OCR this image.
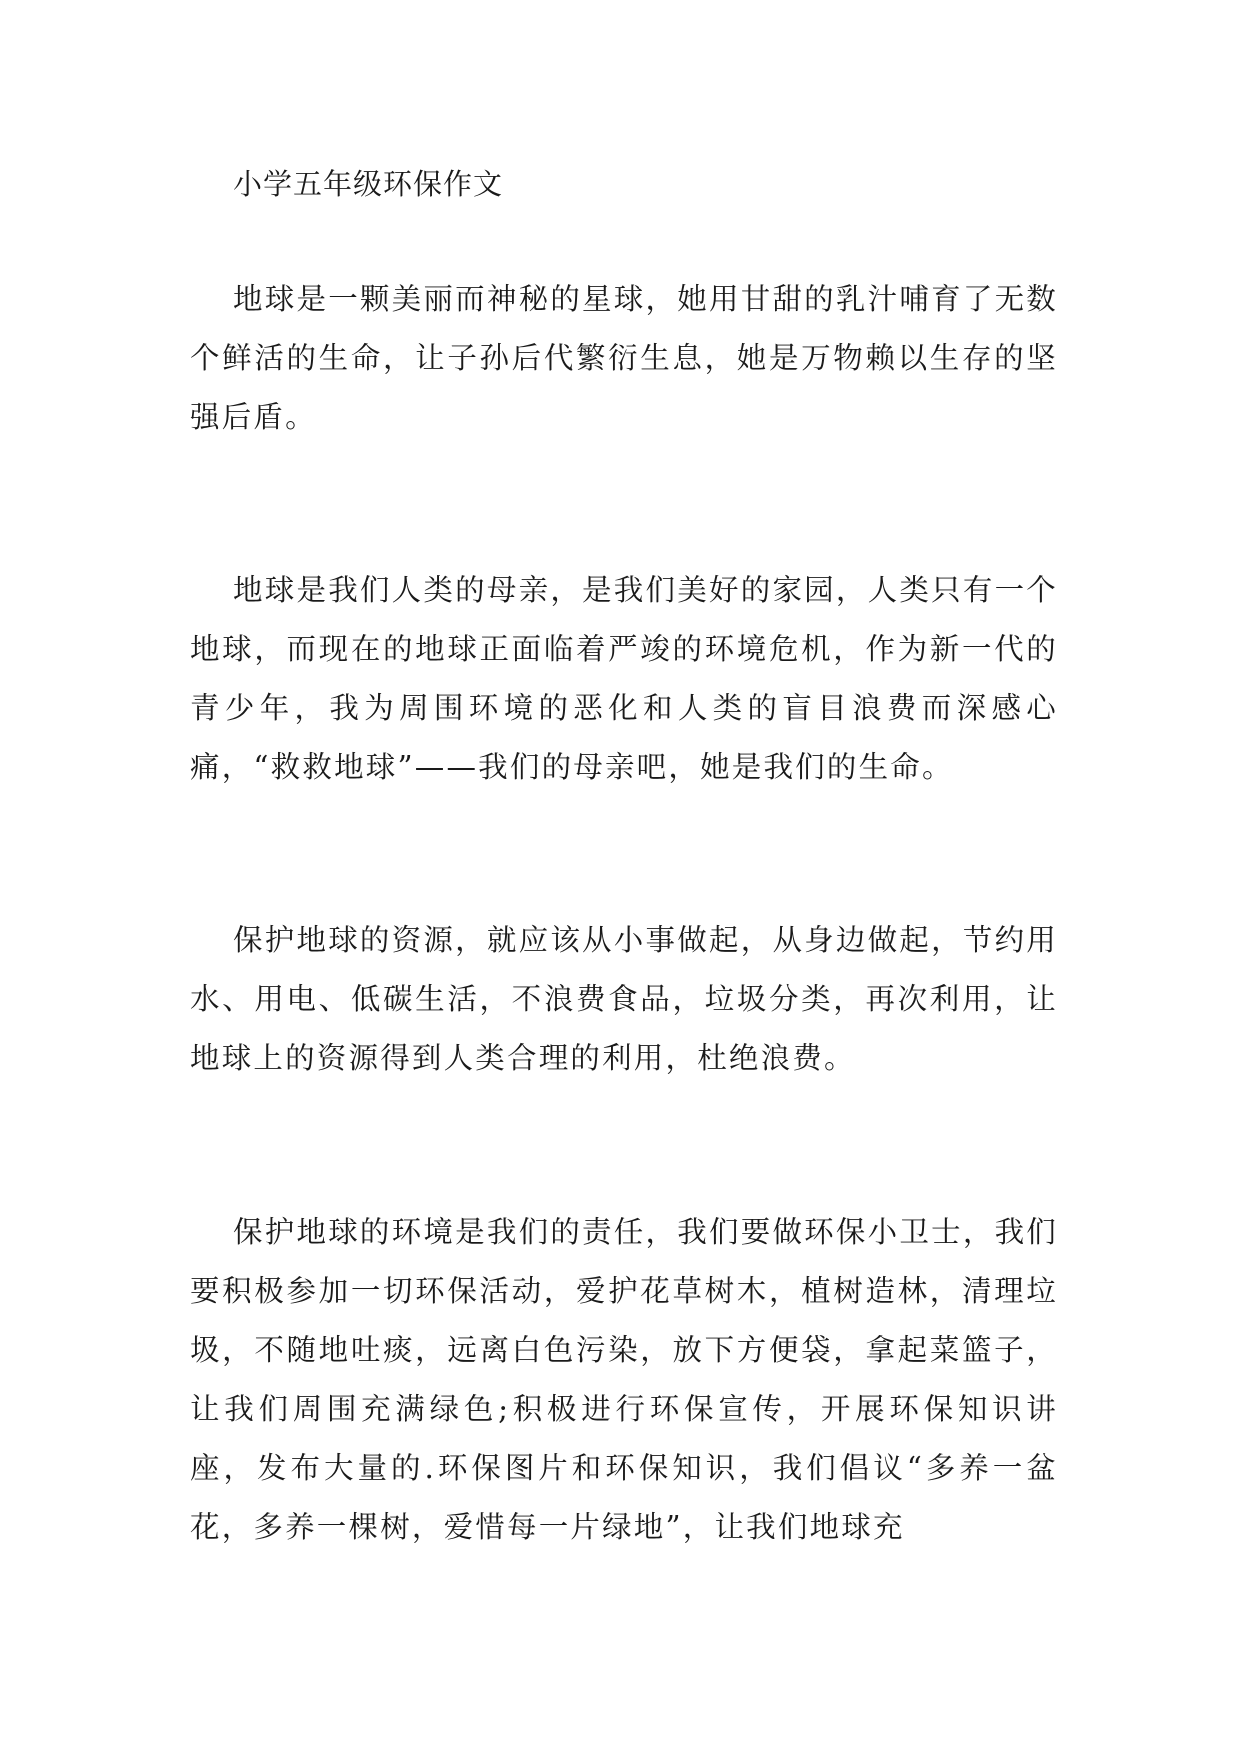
小学五年级环保作文

地球是一颗美丽而神秘的星球，她用甘甜的乳汁哺育了无数个鲜活的生命，让子孙后代繁衍生息，她是万物赖以生存的坚强后盾。

地球是我们人类的母亲，是我们美好的家园，人类只有一个地球，而现在的地球正面临着严竣的环境危机，作为新一代的青少年，我为周围环境的恶化和人类的盲目浪费而深感心痛，“救救地球”——我们的母亲吧，她是我们的生命。

保护地球的资源，就应该从小事做起，从身边做起，节约用水、用电、低碳生活，不浪费食品，垃圾分类，再次利用，让地球上的资源得到人类合理的利用，杜绝浪费。

保护地球的环境是我们的责任，我们要做环保小卫士，我们要积极参加一切环保活动，爱护花草树木，植树造林，清理垃圾，不随地吐痰，远离白色污染，放下方便袋，拿起菜篮子，让我们周围充满绿色;积极进行环保宣传，开展环保知识讲座，发布大量的.环保图片和环保知识，我们倡议“多养一盆花，多养一棵树，爱惜每一片绿地”，让我们地球充
